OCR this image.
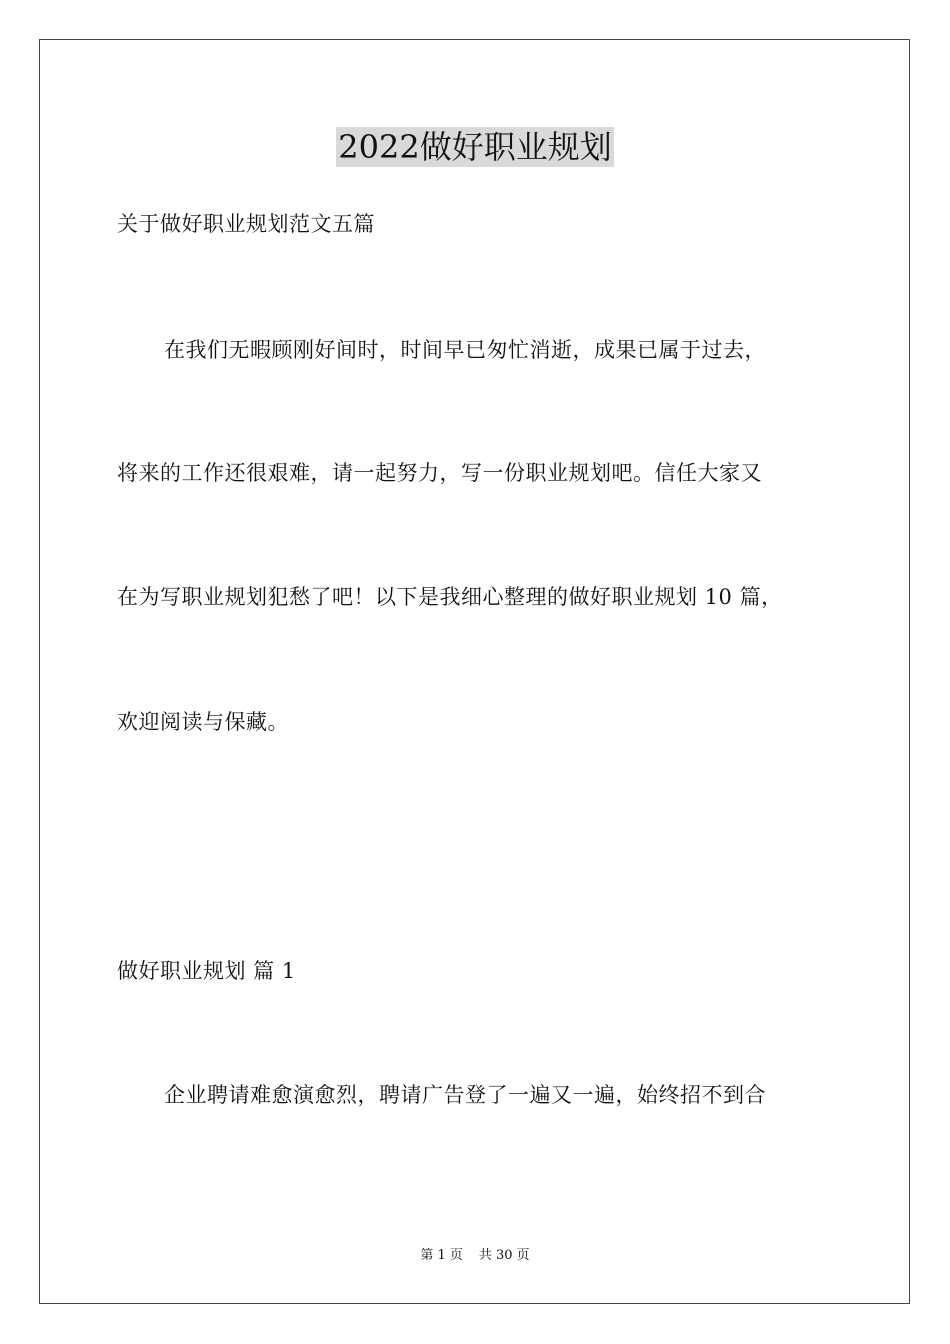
2022做好职业规划
关于做好职业规划范文五篇
在我们无暇顾刚好间时，时间早已匆忙消逝，成果已属于过去，
将来的工作还很艰难，请一起努力，写一份职业规划吧。信任大家又
在为写职业规划犯愁了吧！以下是我细心整理的做好职业规划 10 篇，
欢迎阅读与保藏。
做好职业规划 篇 1
企业聘请难愈演愈烈，聘请广告登了一遍又一遍，始终招不到合
第 1 页 共 30 页
